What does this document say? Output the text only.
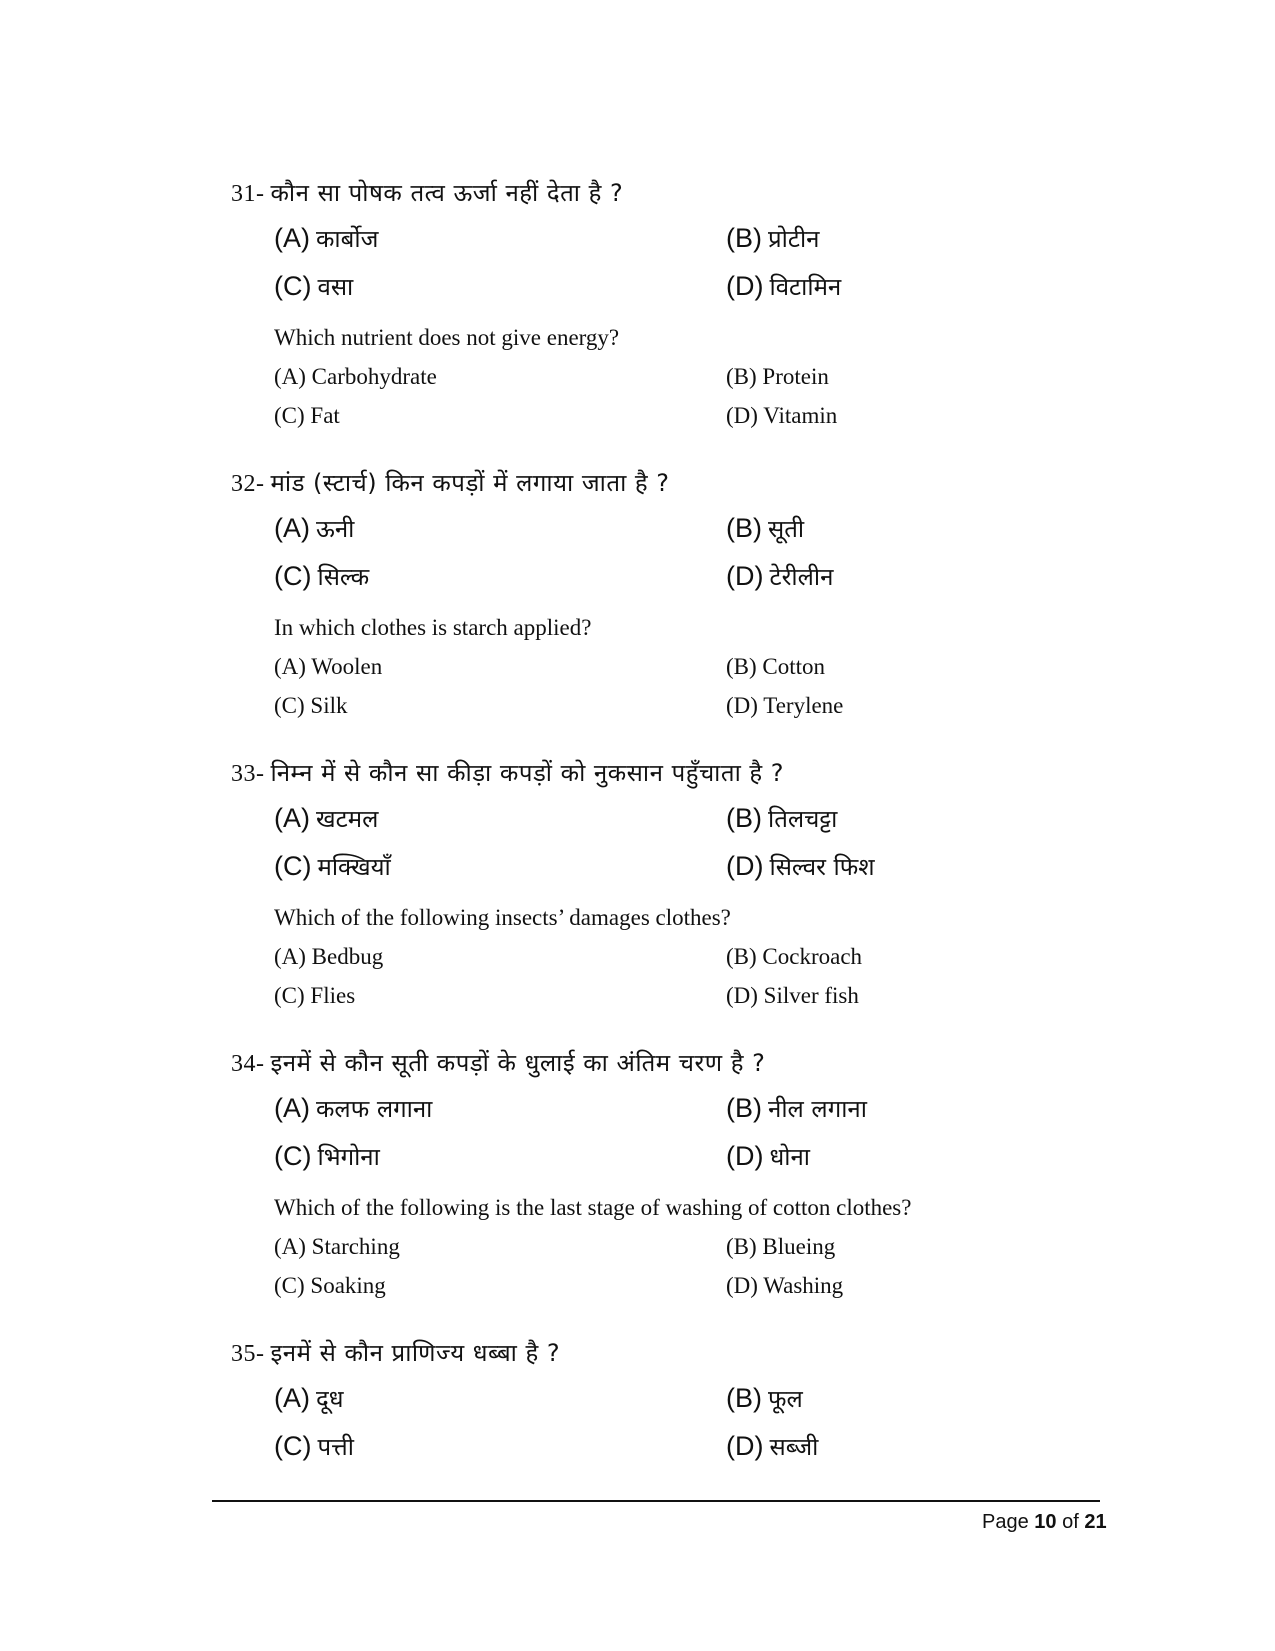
31- कौन सा पोषक तत्व ऊर्जा नहीं देता है ?
(A) कार्बोज	(B) प्रोटीन
(C) वसा	(D) विटामिन
Which nutrient does not give energy?
(A) Carbohydrate	(B) Protein
(C) Fat	(D) Vitamin
32- मांड (स्टार्च) किन कपड़ों में लगाया जाता है ?
(A) ऊनी	(B) सूती
(C) सिल्क	(D) टेरीलीन
In which clothes is starch applied?
(A) Woolen	(B) Cotton
(C) Silk	(D) Terylene
33- निम्न में से कौन सा कीड़ा कपड़ों को नुकसान पहुँचाता है ?
(A) खटमल	(B) तिलचट्टा
(C) मक्खियाँ	(D) सिल्वर फिश
Which of the following insects’ damages clothes?
(A) Bedbug	(B) Cockroach
(C) Flies	(D) Silver fish
34- इनमें से कौन सूती कपड़ों के धुलाई का अंतिम चरण है ?
(A) कलफ लगाना	(B) नील लगाना
(C) भिगोना	(D) धोना
Which of the following is the last stage of washing of cotton clothes?
(A) Starching	(B) Blueing
(C) Soaking	(D) Washing
35- इनमें से कौन प्राणिज्य धब्बा है ?
(A) दूध	(B) फूल
(C) पत्ती	(D) सब्जी
Page 10 of 21
